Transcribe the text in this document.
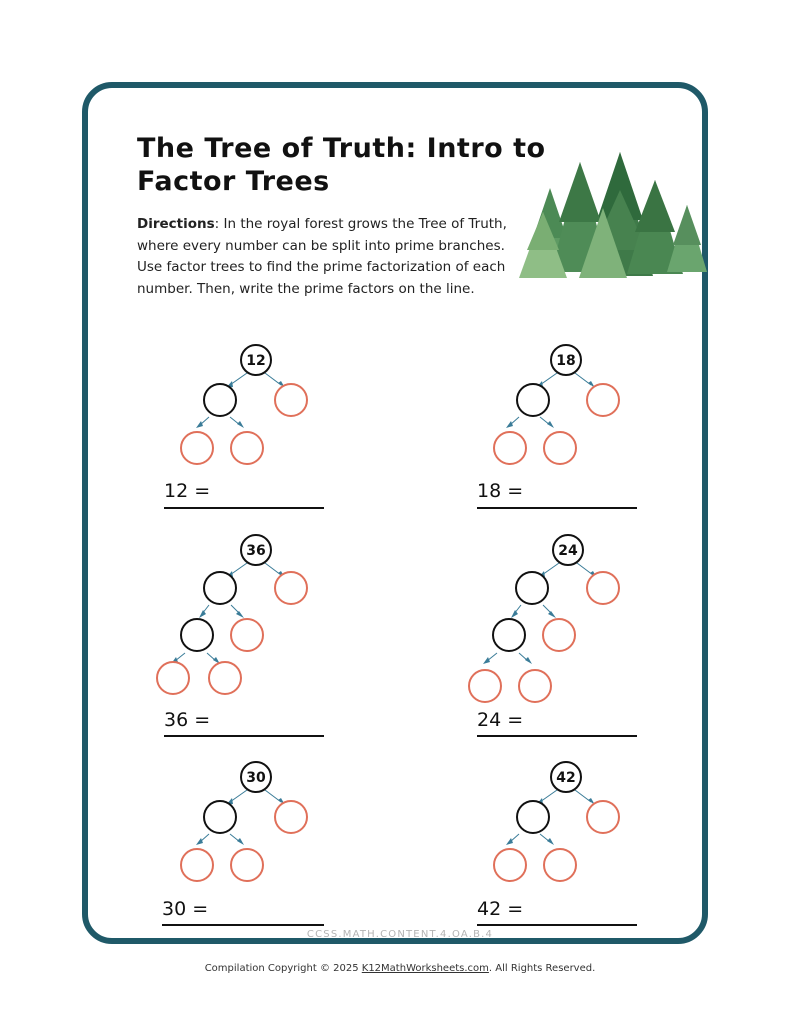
The Tree of Truth: Intro to Factor Trees

Directions: In the royal forest grows the Tree of Truth, where every number can be split into prime branches. Use factor trees to find the prime factorization of each number. Then, write the prime factors on the line.

12
12 =
18
18 =
36
36 =
24
24 =
30
30 =
42
42 =
CCSS.MATH.CONTENT.4.OA.B.4
Compilation Copyright © 2025 K12MathWorksheets.com. All Rights Reserved.
